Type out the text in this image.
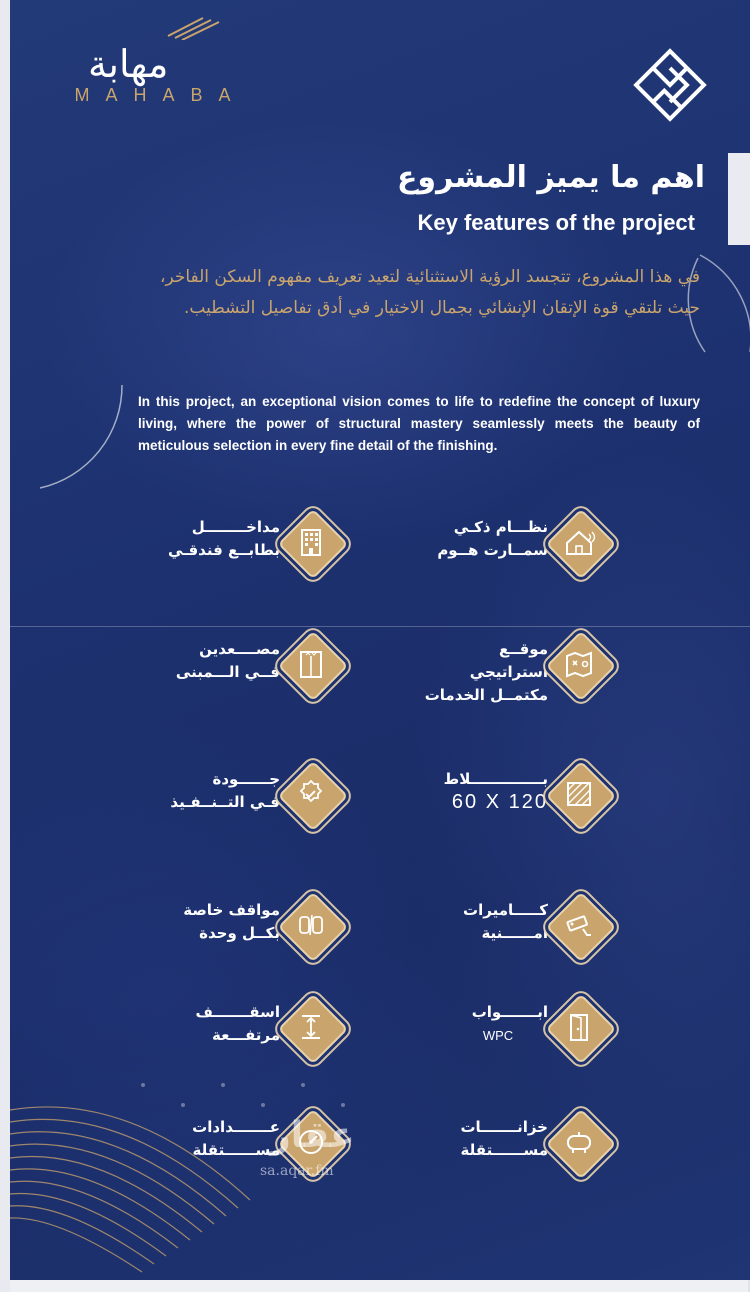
مهابة
MAHABA
اهم ما يميز المشروع
Key features of the project
في هذا المشروع، تتجسد الرؤية الاستثنائية لتعيد تعريف مفهوم السكن الفاخر، حيث تلتقي قوة الإتقان الإنشائي بجمال الاختيار في أدق تفاصيل التشطيب.
In this project, an exceptional vision comes to life to redefine the concept of luxury living, where the power of structural mastery seamlessly meets the beauty of meticulous selection in every fine detail of the finishing.
نظـــام ذكـي
سمــارت هــوم
مداخــــــــل
بطابــع فندقـي
موقــع استراتيجي
مكتمــل الخدمات
مصــــعدين
فــي الـــمبنى
بــــــــــــــلاط
60 X 120
جــــــودة
فـي التــنــفـيذ
كـــــاميرات
امــــــنية
مواقف خاصة
بكــل وحدة
ابـــــــواب
WPC
اسقـــــــف
مرتفـــعة
خزانـــــــات
مســــــتقلة
عـــــــدادات
مســــــتقلة
عقار
sa.aqar.fm
